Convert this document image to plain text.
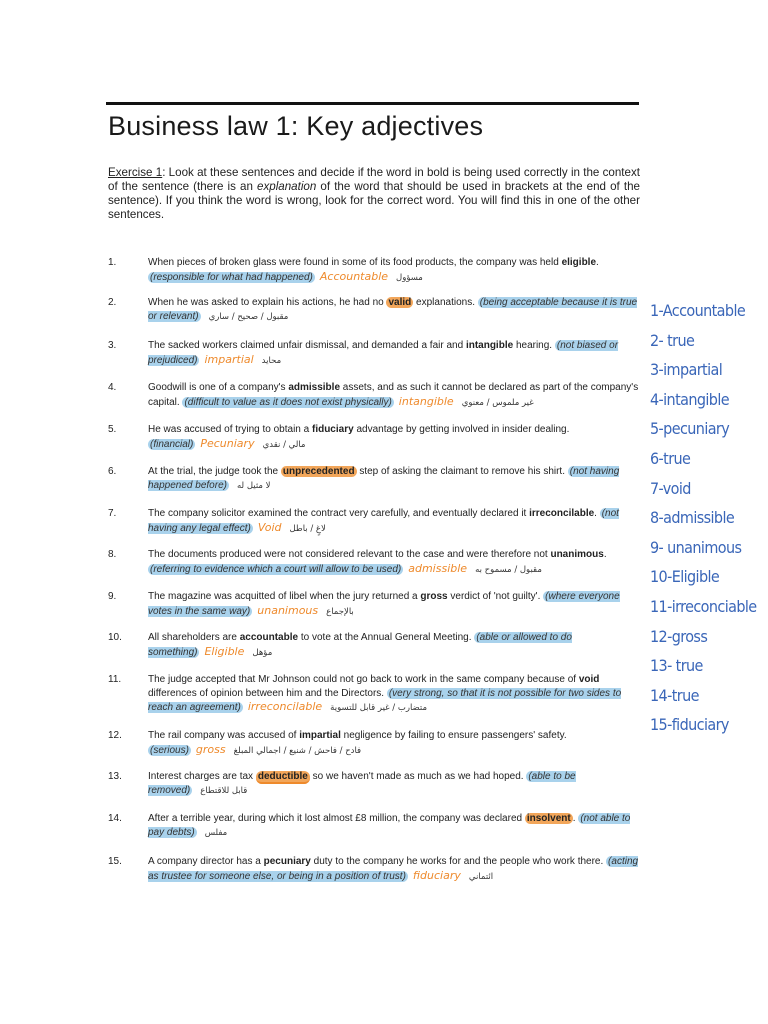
Business law 1: Key adjectives
Exercise 1: Look at these sentences and decide if the word in bold is being used correctly in the context of the sentence (there is an explanation of the word that should be used in brackets at the end of the sentence). If you think the word is wrong, look for the correct word. You will find this in one of the other sentences.
1.	When pieces of broken glass were found in some of its food products, the company was held eligible. (responsible for what had happened) Accountable مسؤول
2.	When he was asked to explain his actions, he had no valid explanations. (being acceptable because it is true or relevant) مقبول / صحيح / ساري
3.	The sacked workers claimed unfair dismissal, and demanded a fair and intangible hearing. (not biased or prejudiced) impartial محايد
4.	Goodwill is one of a company's admissible assets, and as such it cannot be declared as part of the company's capital. (difficult to value as it does not exist physically) intangible غير ملموس / معنوي
5.	He was accused of trying to obtain a fiduciary advantage by getting involved in insider dealing. (financial) Pecuniary مالي / نقدي
6.	At the trial, the judge took the unprecedented step of asking the claimant to remove his shirt. (not having happened before) لا مثيل له
7.	The company solicitor examined the contract very carefully, and eventually declared it irreconcilable. (not having any legal effect) Void لاغٍ / باطل
8.	The documents produced were not considered relevant to the case and were therefore not unanimous. (referring to evidence which a court will allow to be used) admissible مقبول / مسموح به
9.	The magazine was acquitted of libel when the jury returned a gross verdict of 'not guilty'. (where everyone votes in the same way) unanimous بالإجماع
10.	All shareholders are accountable to vote at the Annual General Meeting. (able or allowed to do something) Eligible مؤهل
11.	The judge accepted that Mr Johnson could not go back to work in the same company because of void differences of opinion between him and the Directors. (very strong, so that it is not possible for two sides to reach an agreement) irreconcilable متضارب / غير قابل للتسوية
12.	The rail company was accused of impartial negligence by failing to ensure passengers' safety. (serious) gross فادح / فاحش / شنيع / اجمالي المبلغ
13.	Interest charges are tax deductible so we haven't made as much as we had hoped. (able to be removed) قابل للاقتطاع
14.	After a terrible year, during which it lost almost £8 million, the company was declared insolvent . (not able to pay debts) مفلس
15.	A company director has a pecuniary duty to the company he works for and the people who work there. (acting as trustee for someone else, or being in a position of trust) fiduciary ائتماني
1-Accountable
2- true
3-impartial
4-intangible
5-pecuniary
6-true
7-void
8-admissible
9- unanimous
10-Eligible
11-irreconciable
12-gross
13- true
14-true
15-fiduciary
